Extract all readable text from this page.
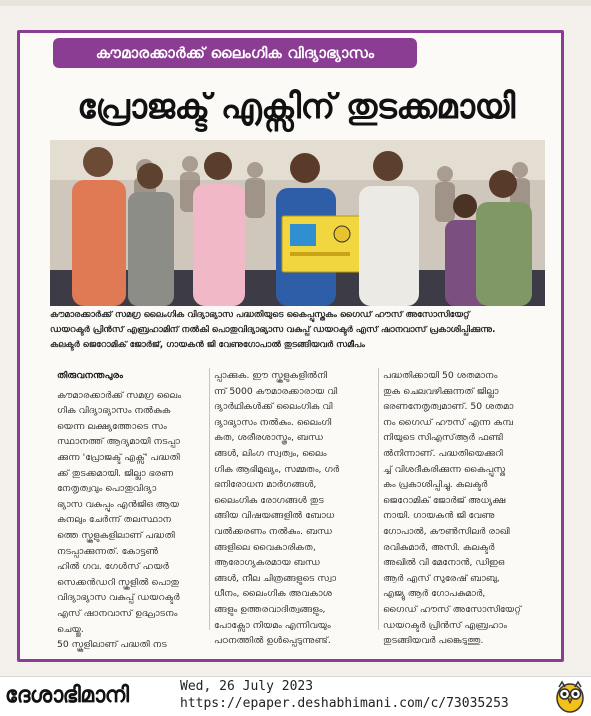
കൗമാരക്കാർക്ക് ലൈംഗിക വിദ്യാഭ്യാസം
പ്രോജക്ട് എക്സിന് തുടക്കമായി
കൗമാരക്കാർക്ക് സമഗ്ര ലൈംഗിക വിദ്യാഭ്യാസ പദ്ധതിയുടെ കൈപ്പുസ്തകം ഗൈഡ് ഹൗസ് അസോസിയേറ്റ്
ഡയറക്ടർ പ്രിൻസ് എബ്രഹാമിന് നൽകി പൊതുവിദ്യാഭ്യാസ വകുപ്പ് ഡയറക്ടർ എസ് ഷാനവാസ് പ്രകാശിപ്പിക്കുന്നു.
കലക്ടർ ജെറോമിക് ജോർജ്, ഗായകൻ ജി വേണുഗോപാൽ തുടങ്ങിയവർ സമീപം
തിരുവനന്തപുരം
കൗമാരക്കാർക്ക് സമഗ്ര ലൈം
ഗിക വിദ്യാഭ്യാസം നൽകുക
യെന്ന ലക്ഷ്യത്തോടെ സം
സ്ഥാനത്ത് ആദ്യമായി നടപ്പാ
ക്കുന്ന 'പ്രോജക്ട് എക്സ്' പദ്ധതി
ക്ക് തുടക്കമായി. ജില്ലാ ഭരണ
നേതൃത്വവും പൊതുവിദ്യാ
ഭ്യാസ വകുപ്പും എൻജിഒ ആയ
കനലും ചേർന്ന് തലസ്ഥാന
ത്തെ സ്കൂളുകളിലാണ് പദ്ധതി
നടപ്പാക്കുന്നത്. കോട്ടൺ
ഹിൽ ഗവ. ഗേൾസ് ഹയർ
സെക്കൻഡറി സ്കൂളിൽ പൊതു
വിദ്യാഭ്യാസ വകുപ്പ് ഡയറക്ടർ
എസ് ഷാനവാസ് ഉദ്ഘാടനം
ചെയ്തു.
50 സ്കൂളിലാണ് പദ്ധതി നട
പ്പാക്കുക. ഈ സ്കൂളുകളിൽനി
ന്ന് 5000 കൗമാരക്കാരായ വി
ദ്യാർഥികൾക്ക് ലൈംഗിക വി
ദ്യാഭ്യാസം നൽകും. ലൈംഗി
കത, ശരീരശാസ്ത്രം, ബന്ധ
ങ്ങൾ, ലിംഗ സ്വത്വം, ലൈം
ഗിക ആഭിമുഖ്യം, സമ്മതം, ഗർ
ഭനിരോധന മാർഗങ്ങൾ,
ലൈംഗിക രോഗങ്ങൾ തുട
ങ്ങിയ വിഷയങ്ങളിൽ ബോധ
വൽക്കരണം നൽകും. ബന്ധ
ങ്ങളിലെ വൈകാരികത,
ആരോഗ്യകരമായ ബന്ധ
ങ്ങൾ, നീല ചിത്രങ്ങളുടെ സ്വാ
ധീനം, ലൈംഗിക അവകാശ
ങ്ങളും ഉത്തരവാദിത്വങ്ങളും,
പോക്സോ നിയമം എന്നിവയും
പഠനത്തിൽ ഉൾപ്പെടുന്നുണ്ട്.
പദ്ധതിക്കായി 50 ശതമാനം
തുക ചെലവഴിക്കുന്നത് ജില്ലാ
ഭരണനേതൃത്വമാണ്. 50 ശതമാ
നം ഗൈഡ് ഹൗസ് എന്ന കമ്പ
നിയുടെ സിഎസ്ആർ ഫണ്ടി
ൽനിന്നാണ്. പദ്ധതിയെക്കുറി
ച്ച് വിശദീകരിക്കുന്ന കൈപ്പുസ്ത
കം പ്രകാശിപ്പിച്ചു. കലക്ടർ
ജെറോമിക് ജോർജ് അധ്യക്ഷ
നായി. ഗായകൻ ജി വേണു
ഗോപാൽ, കൗൺസിലർ രാഖി
രവികുമാർ, അസി. കലക്ടർ
അഖിൽ വി മേനോൻ, ഡിഇഒ
ആർ എസ് സുരേഷ് ബാബു,
എജ്യു ആർ ഗോപകുമാർ,
ഗൈഡ് ഹൗസ് അസോസിയേറ്റ്
ഡയറക്ടർ പ്രിൻസ് എബ്രഹാം
തുടങ്ങിയവർ പങ്കെടുത്തു.
ദേശാഭിമാനി	Wed, 26 July 2023
https://epaper.deshabhimani.com/c/73035253
